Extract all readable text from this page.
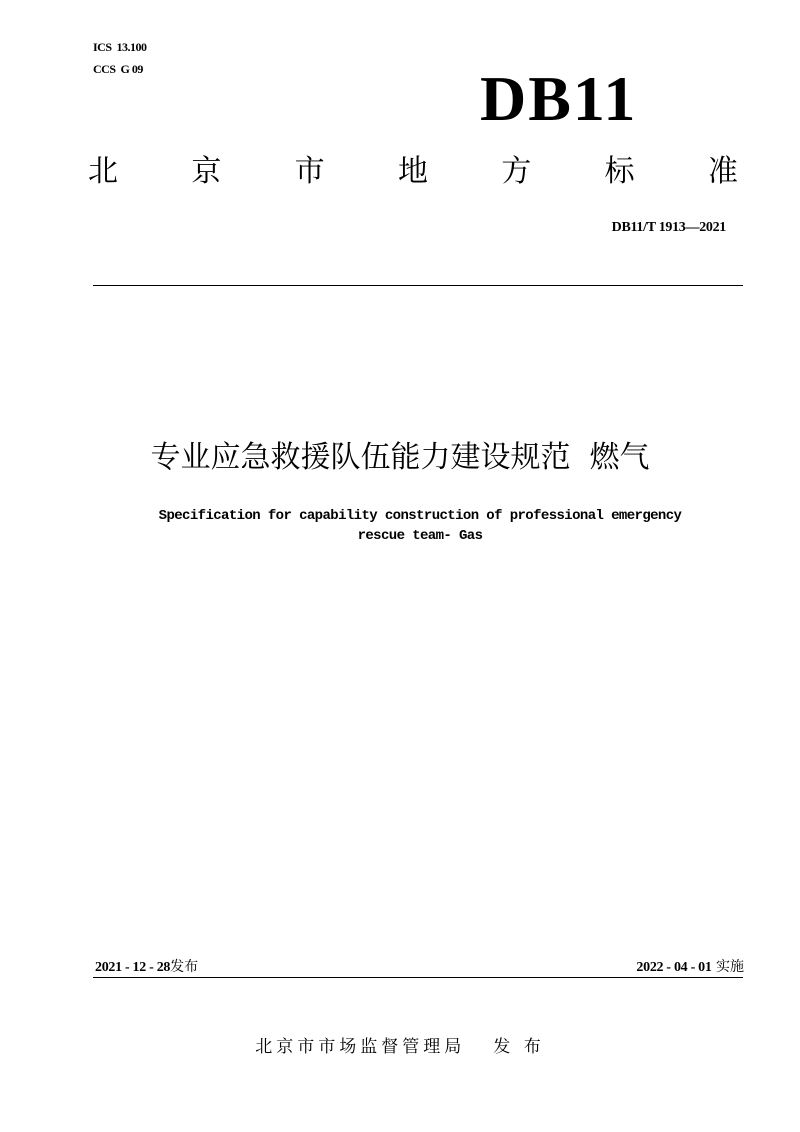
ICS  13.100
CCS  G 09	DB11
北 京 市 地 方 标 准
DB11/T 1913—2021
专业应急救援队伍能力建设规范  燃气
Specification for capability construction of professional emergency
rescue team- Gas
2021 - 12 - 28发布	2022 - 04 - 01 实施
北京市市场监督管理局 发 布
